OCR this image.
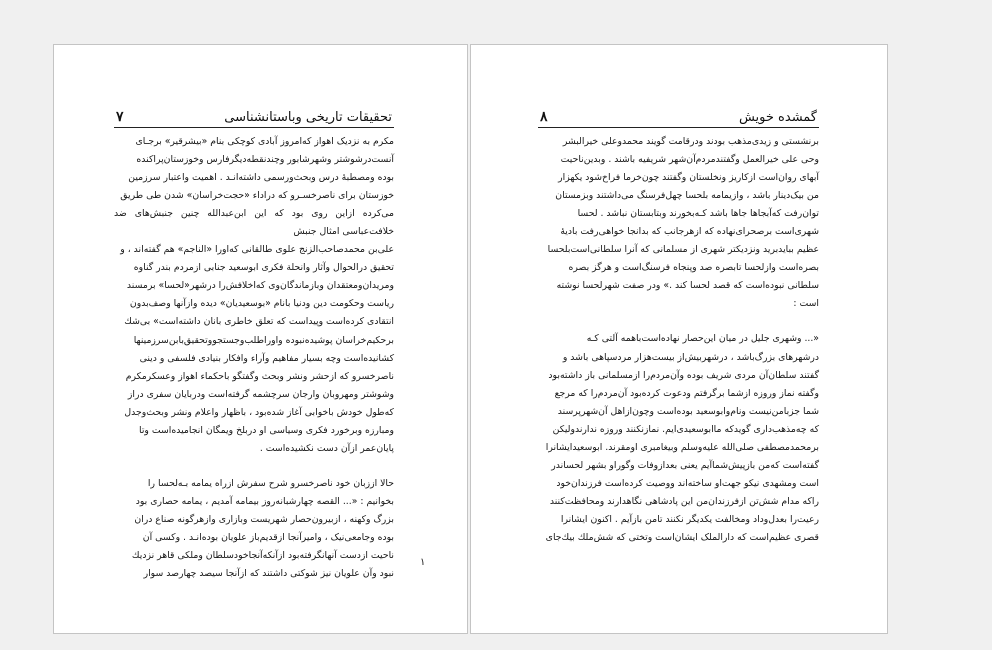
۷	تحقیقات تاریخی وباستانشناسی

مکرم به نزدیک اهواز که‌امروز آبادی کوچکی بنام «بیشرقیر» برجـای
آنست‌درشوشتر وشهرشابور وچندنقطه‌دیگرفارس وخوزستان‌پراکنده
بوده ومصطبهٔ درس وبحث‌ورسمی داشته‌انـد . اهمیت واعتبار سرزمین
خوزستان برای ناصرخسـرو که دراداء «حجت‌خراسان» شدن طی طریق
می‌کرده ازاین روی بود که این ابن‌عبدالله چنین جنبش‌های ضد خلافت‌عباسی امثال جنبش
علی‌بن محمدصاحب‌الزنج علوی طالقانی که‌اورا «الناجم» هم گفته‌اند ، و
تحقیق درالحوال وآثار وانحلة فکری ابوسعید جنابی ازمردم بندر گناوه
ومریدان‌ومعتقدان وبازماندگان‌وی که‌اخلافش‌را درشهر«لحسا» برمسند
ریاست وحکومت دین ودنیا بانام «بوسعیدیان» دیده وازآنها وصف‌بدون
انتقادی کرده‌است وپیداست که تعلق خاطری بانان داشته‌است» بی‌شك
برحکیم‌خراسان پوشیده‌نبوده واوراطلب‌وجستجو‌وتحقیق‌بابن‌سرزمینها
کشانیده‌است وچه بسیار مفاهیم وآراء وافکار بنیادی فلسفی و دینی
ناصرخسرو که ازحشر ونشر وبحث وگفتگو باحکماء اهواز وعسکرمکرم
وشوشتر ومهروبان وارجان سرچشمه گرفته‌است ودربایان سفری دراز
که‌طول خودش باخوابی آغاز شده‌بود ، باظهار واعلام ونشر وبحث‌وجدل
ومبارزه وبرخورد فکری وسیاسی او دربلخ ویمگان انجامیده‌است وتا
پایان‌عمر ازآن دست نکشیده‌است .

حالا اززبان خود ناصرخسرو شرح سفرش ازراه یمامه بـه‌لحسا را
بخوانیم : «... القصه چهارشبانه‌روز بیمامه آمدیم ، یمامه حصاری بود
بزرگ وکهنه ، ازبیرون‌حصار شهریست وبازاری وازهرگونه صناع دران
بوده وجامعی‌نیک ، وامیرآنجا ازقدیم‌باز علویان بوده‌انـد . وکسی آن
ناحیت ازدست آنهانگرفته‌بود ازآنکه‌آنجاخودسلطان وملکی قاهر نزدیك
نبود وآن علویان نیز شوکتی داشتند که ازآنجا سیصد چهارصد سوار

۱
۸	گمشده خویش

برنشستی و زیدی‌مذهب بودند ودرقامت گویند محمدوعلی خیرالبشر
وحی علی خیرالعمل وگفتند‌مردم‌آن‌شهر شریفیه باشند . وبدین‌ناحیت
آبهای روان‌است ازکاریز ونخلستان وگفتند چون‌خرما فراخ‌شود یکهزار
من بیک‌دینار باشد ، وازیمامه بلحسا چهل‌فرسنگ می‌داشتند وبزمستان
توان‌رفت که‌آبجاها جاها باشد کـه‌بخورند وبتابستان نباشد . لحسا
شهری‌است برصحرای‌نهاده که ازهرجانب که بدانجا خواهی‌رفت بادیهٔ
عظیم ببایدبرید ونزدیکتر شهری از مسلمانی که آنرا سلطانی‌است‌بلحسا
بصره‌است وازلحسا تابصره صد وپنجاه فرسنگ‌است و هرگز بصره
سلطانی نبوده‌است که قصد لحسا کند .» ودر صفت شهرلحسا نوشته
است :

«... وشهری جلیل در میان این‌حصار نهاده‌است‌باهمه آلتی کـه
درشهرهای بزرگ‌باشد ، درشهربیش‌از بیست‌هزار مردسپاهی باشد و
گفتند سلطان‌آن مردی شریف بوده وآن‌مردم‌را ازمسلمانی باز داشته‌بود
وگفته نماز وروزه ازشما برگرفتم ودعوت کرده‌بود آن‌مردم‌را که مرجع
شما جزبامن‌نیست ونام‌وابوسعید بوده‌است وچون‌ازاهل آن‌شهرپرسند
که چه‌مذهب‌داری گویدکه ماابوسعیدی‌ایم. نمازنکنند وروزه ندارندولیکن
برمحمدمصطفی صلی‌الله علیه‌وسلم وبیغامبری اومقرند. ابوسعیدایشانرا
گفته‌است که‌من بازپیش‌شما‌آیم یعنی بعدازوفات وگوراو بشهر لحساندر
است ومشهدی نیکو جهت‌او ساخته‌اند ووصیت کرده‌است فرزندان‌خود
راکه مدام شش‌تن ازفرزندان‌من این پادشاهی نگاهدارند ومحافظت‌کنند
رعیت‌را بعدل‌وداد ومخالفت یکدیگر نکنند تامن بازآیم . اکنون ایشانرا
قصری عظیم‌است که دارالملک ایشان‌است وتختی که شش‌ملك بیك‌جای
